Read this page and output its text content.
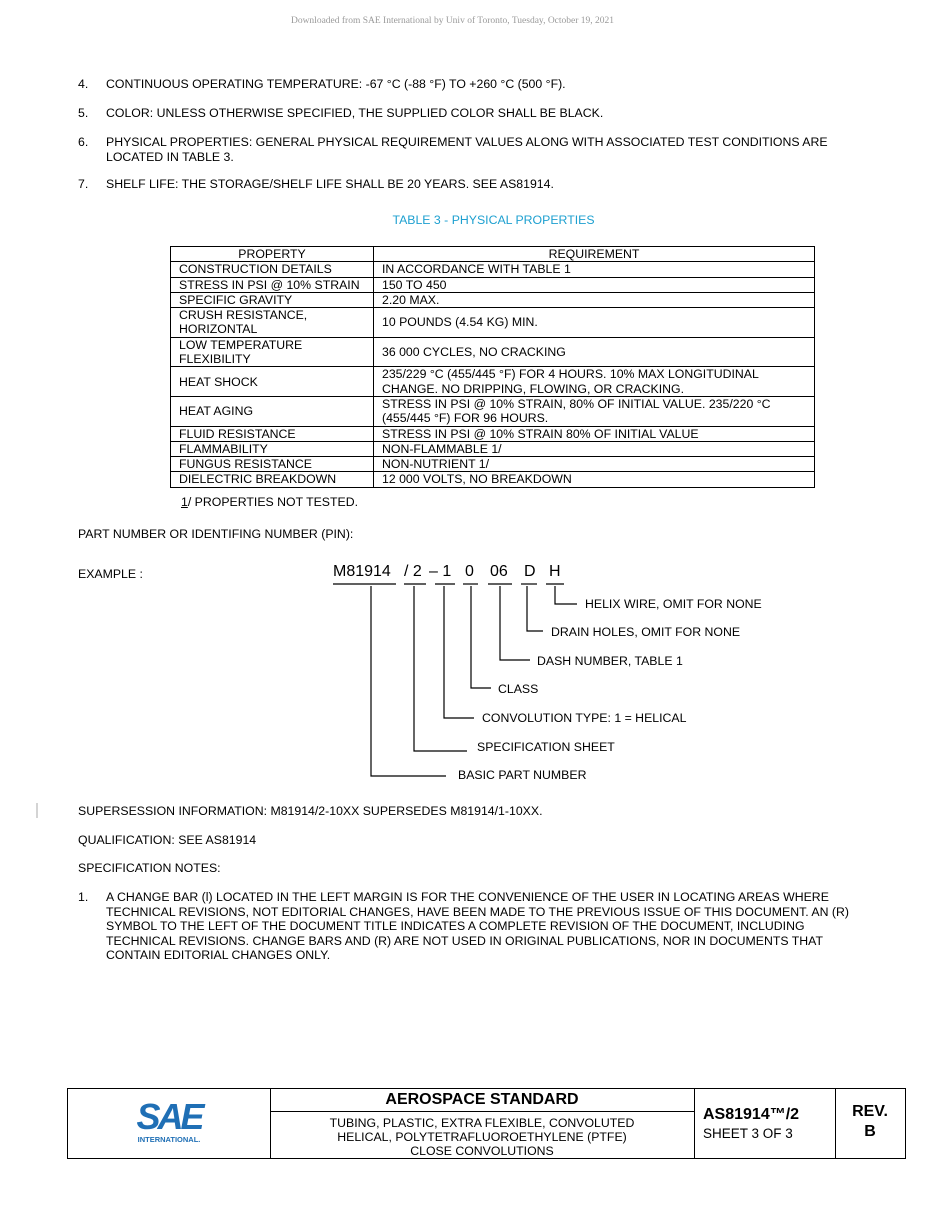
Downloaded from SAE International by Univ of Toronto, Tuesday, October 19, 2021
4. CONTINUOUS OPERATING TEMPERATURE: -67 °C (-88 °F) TO +260 °C (500 °F).
5. COLOR: UNLESS OTHERWISE SPECIFIED, THE SUPPLIED COLOR SHALL BE BLACK.
6. PHYSICAL PROPERTIES: GENERAL PHYSICAL REQUIREMENT VALUES ALONG WITH ASSOCIATED TEST CONDITIONS ARE LOCATED IN TABLE 3.
7. SHELF LIFE: THE STORAGE/SHELF LIFE SHALL BE 20 YEARS. SEE AS81914.
TABLE 3 - PHYSICAL PROPERTIES
PROPERTY	REQUIREMENT
CONSTRUCTION DETAILS	IN ACCORDANCE WITH TABLE 1
STRESS IN PSI @ 10% STRAIN	150 TO 450
SPECIFIC GRAVITY	2.20 MAX.
CRUSH RESISTANCE, HORIZONTAL	10 POUNDS (4.54 KG) MIN.
LOW TEMPERATURE FLEXIBILITY	36 000 CYCLES, NO CRACKING
HEAT SHOCK	235/229 °C (455/445 °F) FOR 4 HOURS. 10% MAX LONGITUDINAL CHANGE. NO DRIPPING, FLOWING, OR CRACKING.
HEAT AGING	STRESS IN PSI @ 10% STRAIN, 80% OF INITIAL VALUE. 235/220 °C (455/445 °F) FOR 96 HOURS.
FLUID RESISTANCE	STRESS IN PSI @ 10% STRAIN 80% OF INITIAL VALUE
FLAMMABILITY	NON-FLAMMABLE 1/
FUNGUS RESISTANCE	NON-NUTRIENT 1/
DIELECTRIC BREAKDOWN	12 000 VOLTS, NO BREAKDOWN
1/ PROPERTIES NOT TESTED.
PART NUMBER OR IDENTIFING NUMBER (PIN):
EXAMPLE :	M81914 / 2 – 1 0 06 D H
HELIX WIRE, OMIT FOR NONE
DRAIN HOLES, OMIT FOR NONE
DASH NUMBER, TABLE 1
CLASS
CONVOLUTION TYPE: 1 = HELICAL
SPECIFICATION SHEET
BASIC PART NUMBER
SUPERSESSION INFORMATION: M81914/2-10XX SUPERSEDES M81914/1-10XX.
QUALIFICATION: SEE AS81914
SPECIFICATION NOTES:
1. A CHANGE BAR (l) LOCATED IN THE LEFT MARGIN IS FOR THE CONVENIENCE OF THE USER IN LOCATING AREAS WHERE TECHNICAL REVISIONS, NOT EDITORIAL CHANGES, HAVE BEEN MADE TO THE PREVIOUS ISSUE OF THIS DOCUMENT. AN (R) SYMBOL TO THE LEFT OF THE DOCUMENT TITLE INDICATES A COMPLETE REVISION OF THE DOCUMENT, INCLUDING TECHNICAL REVISIONS. CHANGE BARS AND (R) ARE NOT USED IN ORIGINAL PUBLICATIONS, NOR IN DOCUMENTS THAT CONTAIN EDITORIAL CHANGES ONLY.
SAE
INTERNATIONAL.
AEROSPACE STANDARD
TUBING, PLASTIC, EXTRA FLEXIBLE, CONVOLUTED
HELICAL, POLYTETRAFLUOROETHYLENE (PTFE)
CLOSE CONVOLUTIONS
AS81914™/2
SHEET 3 OF 3
REV.
B
